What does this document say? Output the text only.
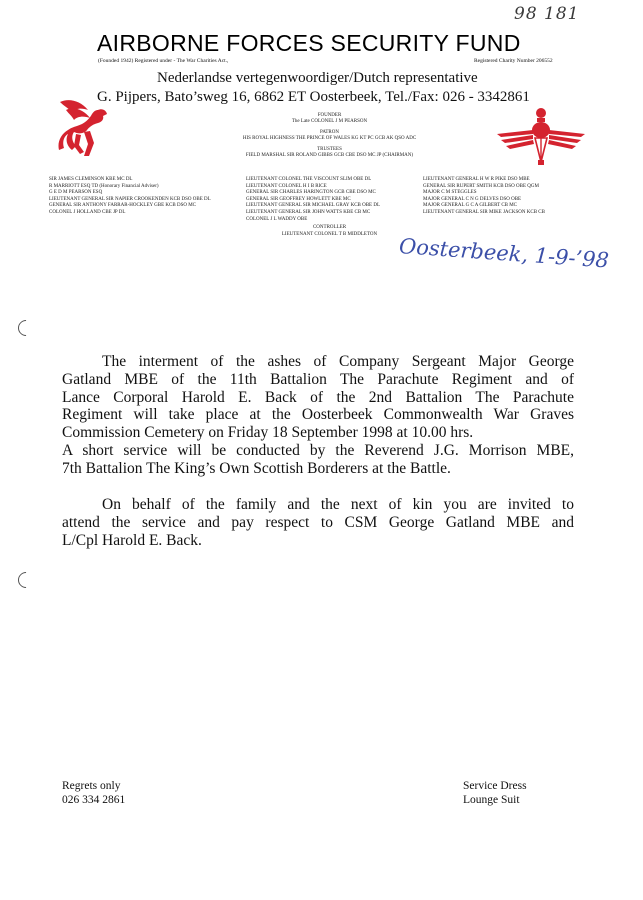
98 181
AIRBORNE FORCES SECURITY FUND
(Founded 1942) Registered under - The War Charities Act.,	Registered Charity Number 206552
Nederlandse vertegenwoordiger/Dutch representative
G. Pijpers, Bato’sweg 16, 6862 ET Oosterbeek, Tel./Fax: 026 - 3342861
FOUNDER
The Late COLONEL J M PEARSON
PATRON
HIS ROYAL HIGHNESS THE PRINCE OF WALES KG KT PC GCB AK QSO ADC
TRUSTEES
FIELD MARSHAL SIR ROLAND GIBBS GCB CBE DSO MC JP (CHAIRMAN)
SIR JAMES CLEMINSON KBE MC DL
R MARRIOTT ESQ TD (Honorary Financial Adviser)
G E D M PEARSON ESQ
LIEUTENANT GENERAL SIR NAPIER CROOKENDEN KCB DSO OBE DL
GENERAL SIR ANTHONY FARRAR-HOCKLEY GBE KCB DSO MC
COLONEL J HOLLAND CBE JP DL
LIEUTENANT COLONEL THE VISCOUNT SLIM OBE DL
LIEUTENANT COLONEL H I B RICE
GENERAL SIR CHARLES HARINGTON GCB CBE DSO MC
GENERAL SIR GEOFFREY HOWLETT KBE MC
LIEUTENANT GENERAL SIR MICHAEL GRAY KCB OBE DL
LIEUTENANT GENERAL SIR JOHN WATTS KBE CB MC
COLONEL J L WADDY OBE
LIEUTENANT GENERAL H W R PIKE DSO MBE
GENERAL SIR RUPERT SMITH KCB DSO OBE QGM
MAJOR C M STEGGLES
MAJOR GENERAL C N G DELVES DSO OBE
MAJOR GENERAL G C A GILBERT CB MC
LIEUTENANT GENERAL SIR MIKE JACKSON KCB CB
CONTROLLER
LIEUTENANT COLONEL T B MIDDLETON	Oosterbeek, 1-9-’98
The interment of the ashes of Company Sergeant Major George
Gatland MBE of the 11th Battalion The Parachute Regiment and of
Lance Corporal Harold E. Back of the 2nd Battalion The Parachute
Regiment will take place at the Oosterbeek Commonwealth War Graves
Commission Cemetery on Friday 18 September 1998 at 10.00 hrs.
A short service will be conducted by the Reverend J.G. Morrison MBE,
7th Battalion The King’s Own Scottish Borderers at the Battle.
On behalf of the family and the next of kin you are invited to
attend the service and pay respect to CSM George Gatland MBE and
L/Cpl Harold E. Back.
Regrets only
026 334 2861
Service Dress
Lounge Suit
